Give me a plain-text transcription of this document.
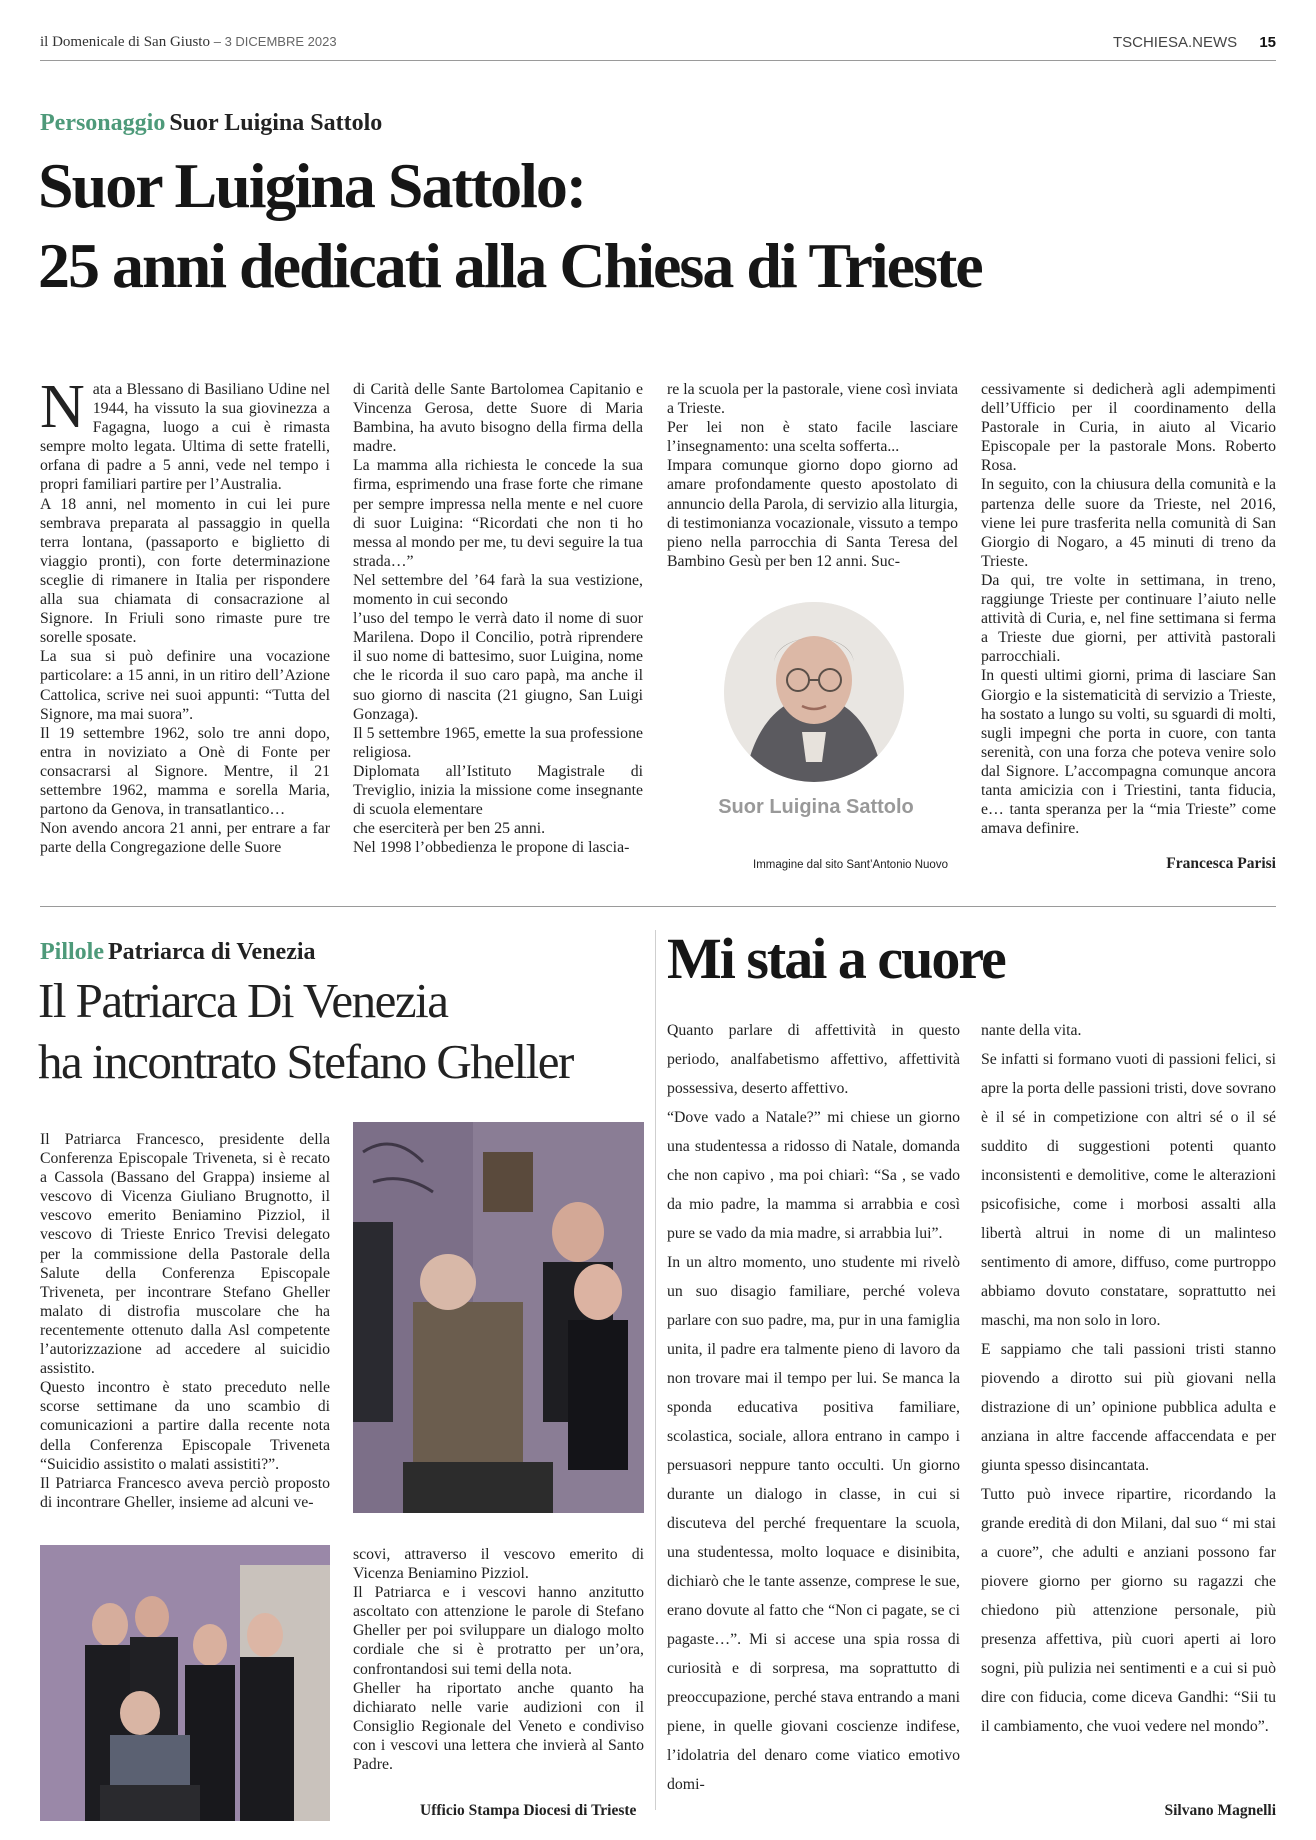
il Domenicale di San Giusto – 3 DICEMBRE 2023	TSCHIESA.NEWS 15
Personaggio Suor Luigina Sattolo
Suor Luigina Sattolo:
25 anni dedicati alla Chiesa di Trieste

Nata a Blessano di Basiliano Udine nel 1944, ha vissuto la sua giovinezza a Fagagna, luogo a cui è rimasta sempre molto legata. Ultima di sette fratelli, orfana di padre a 5 anni, vede nel tempo i propri familiari partire per l’Australia.

A 18 anni, nel momento in cui lei pure sembrava preparata al passaggio in quella terra lontana, (passaporto e biglietto di viaggio pronti), con forte determinazione sceglie di rimanere in Italia per rispondere alla sua chiamata di consacrazione al Signore. In Friuli sono rimaste pure tre sorelle sposate.

La sua si può definire una vocazione particolare: a 15 anni, in un ritiro dell’Azione Cattolica, scrive nei suoi appunti: “Tutta del Signore, ma mai suora”.

Il 19 settembre 1962, solo tre anni dopo, entra in noviziato a Onè di Fonte per consacrarsi al Signore. Mentre, il 21 settembre 1962, mamma e sorella Maria, partono da Genova, in transatlantico…

Non avendo ancora 21 anni, per entrare a far parte della Congregazione delle Suore

di Carità delle Sante Bartolomea Capitanio e Vincenza Gerosa, dette Suore di Maria Bambina, ha avuto bisogno della firma della madre.

La mamma alla richiesta le concede la sua firma, esprimendo una frase forte che rimane per sempre impressa nella mente e nel cuore di suor Luigina: “Ricordati che non ti ho messa al mondo per me, tu devi seguire la tua strada…”

Nel settembre del ’64 farà la sua vestizione, momento in cui secondo

l’uso del tempo le verrà dato il nome di suor Marilena. Dopo il Concilio, potrà riprendere il suo nome di battesimo, suor Luigina, nome che le ricorda il suo caro papà, ma anche il suo giorno di nascita (21 giugno, San Luigi Gonzaga).

Il 5 settembre 1965, emette la sua professione religiosa.

Diplomata all’Istituto Magistrale di Treviglio, inizia la missione come insegnante di scuola elementare

che eserciterà per ben 25 anni.

Nel 1998 l’obbedienza le propone di lascia-

re la scuola per la pastorale, viene così inviata a Trieste.

Per lei non è stato facile lasciare l’insegnamento: una scelta sofferta...

Impara comunque giorno dopo giorno ad amare profondamente questo apostolato di annuncio della Parola, di servizio alla liturgia, di testimonianza vocazionale, vissuto a tempo pieno nella parrocchia di Santa Teresa del Bambino Gesù per ben 12 anni. Suc-

Suor Luigina Sattolo
Immagine dal sito Sant’Antonio Nuovo

cessivamente si dedicherà agli adempimenti dell’Ufficio per il coordinamento della Pastorale in Curia, in aiuto al Vicario Episcopale per la pastorale Mons. Roberto Rosa.

In seguito, con la chiusura della comunità e la partenza delle suore da Trieste, nel 2016, viene lei pure trasferita nella comunità di San Giorgio di Nogaro, a 45 minuti di treno da Trieste.

Da qui, tre volte in settimana, in treno, raggiunge Trieste per continuare l’aiuto nelle attività di Curia, e, nel fine settimana si ferma a Trieste due giorni, per attività pastorali parrocchiali.

In questi ultimi giorni, prima di lasciare San Giorgio e la sistematicità di servizio a Trieste, ha sostato a lungo su volti, su sguardi di molti, sugli impegni che porta in cuore, con tanta serenità, con una forza che poteva venire solo dal Signore. L’accompagna comunque ancora tanta amicizia con i Triestini, tanta fiducia, e… tanta speranza per la “mia Trieste” come amava definire.

Francesca Parisi
Pillole Patriarca di Venezia
Il Patriarca Di Venezia
ha incontrato Stefano Gheller

Il Patriarca Francesco, presidente della Conferenza Episcopale Triveneta, si è recato a Cassola (Bassano del Grappa) insieme al vescovo di Vicenza Giuliano Brugnotto, il vescovo emerito Beniamino Pizziol, il vescovo di Trieste Enrico Trevisi delegato per la commissione della Pastorale della Salute della Conferenza Episcopale Triveneta, per incontrare Stefano Gheller malato di distrofia muscolare che ha recentemente ottenuto dalla Asl competente l’autorizzazione ad accedere al suicidio assistito.

Questo incontro è stato preceduto nelle scorse settimane da uno scambio di comunicazioni a partire dalla recente nota della Conferenza Episcopale Triveneta “Suicidio assistito o malati assistiti?”.

Il Patriarca Francesco aveva perciò proposto di incontrare Gheller, insieme ad alcuni ve-

scovi, attraverso il vescovo emerito di Vicenza Beniamino Pizziol.

Il Patriarca e i vescovi hanno anzitutto ascoltato con attenzione le parole di Stefano Gheller per poi sviluppare un dialogo molto cordiale che si è protratto per un’ora, confrontandosi sui temi della nota.

Gheller ha riportato anche quanto ha dichiarato nelle varie audizioni con il Consiglio Regionale del Veneto e condiviso con i vescovi una lettera che invierà al Santo Padre.

Ufficio Stampa Diocesi di Trieste
Mi stai a cuore

Quanto parlare di affettività in questo periodo, analfabetismo affettivo, affettività possessiva, deserto affettivo.

“Dove vado a Natale?” mi chiese un giorno una studentessa a ridosso di Natale, domanda che non capivo , ma poi chiarì: “Sa , se vado da mio padre, la mamma si arrabbia e così pure se vado da mia madre, si arrabbia lui”.

In un altro momento, uno studente mi rivelò un suo disagio familiare, perché voleva parlare con suo padre, ma, pur in una famiglia unita, il padre era talmente pieno di lavoro da non trovare mai il tempo per lui. Se manca la sponda educativa positiva familiare, scolastica, sociale, allora entrano in campo i persuasori neppure tanto occulti. Un giorno durante un dialogo in classe, in cui si discuteva del perché frequentare la scuola, una studentessa, molto loquace e disinibita, dichiarò che le tante assenze, comprese le sue, erano dovute al fatto che “Non ci pagate, se ci pagaste…”. Mi si accese una spia rossa di curiosità e di sorpresa, ma soprattutto di preoccupazione, perché stava entrando a mani piene, in quelle giovani coscienze indifese, l’idolatria del denaro come viatico emotivo domi-

nante della vita.

Se infatti si formano vuoti di passioni felici, si apre la porta delle passioni tristi, dove sovrano è il sé in competizione con altri sé o il sé suddito di suggestioni potenti quanto inconsistenti e demolitive, come le alterazioni psicofisiche, come i morbosi assalti alla libertà altrui in nome di un malinteso sentimento di amore, diffuso, come purtroppo abbiamo dovuto constatare, soprattutto nei maschi, ma non solo in loro.

E sappiamo che tali passioni tristi stanno piovendo a dirotto sui più giovani nella distrazione di un’ opinione pubblica adulta e anziana in altre faccende affaccendata e per giunta spesso disincantata.

Tutto può invece ripartire, ricordando la grande eredità di don Milani, dal suo “ mi stai a cuore”, che adulti e anziani possono far piovere giorno per giorno su ragazzi che chiedono più attenzione personale, più presenza affettiva, più cuori aperti ai loro sogni, più pulizia nei sentimenti e a cui si può dire con fiducia, come diceva Gandhi: “Sii tu il cambiamento, che vuoi vedere nel mondo”.

Silvano Magnelli
